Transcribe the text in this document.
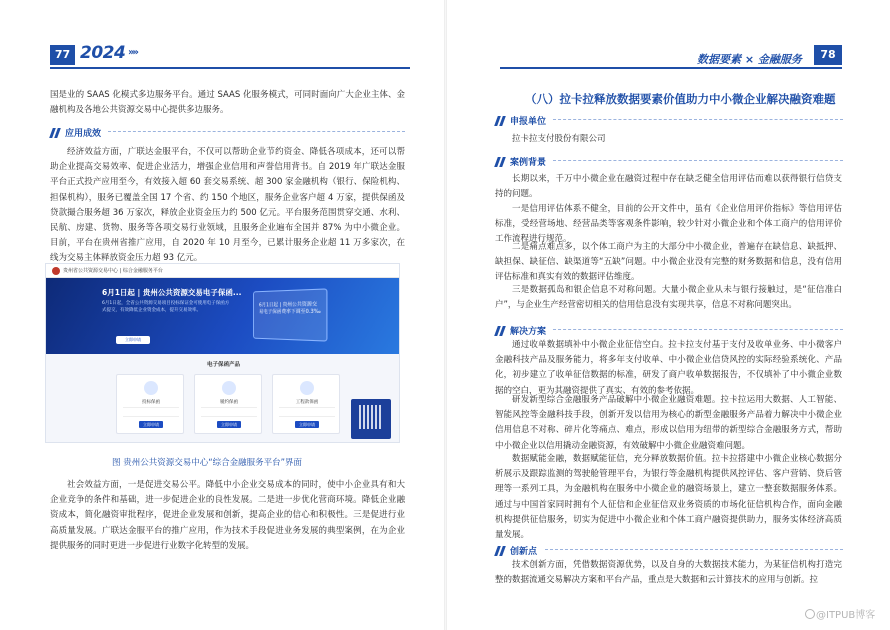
77 2024 »»
数据要素 × 金融服务	78
国是业的 SAAS 化模式多边服务平台。通过 SAAS 化服务模式，可同时面向广大企业主体、金融机构及各地公共资源交易中心提供多边服务。
应用成效
经济效益方面，广联达金服平台，不仅可以帮助企业节约资金、降低各项成本，还可以帮助企业提高交易效率、促进企业活力，增强企业信用和声誉信用背书。自 2019 年广联达金服平台正式投产应用至今，有效接入超 60 套交易系统、超 300 家金融机构（银行、保险机构、担保机构），服务已覆盖全国 17 个省、约 150 个地区，服务企业客户超 4 万家，提供保函及贷款撮合服务超 36 万家次，释放企业资金压力约 500 亿元。平台服务范围贯穿交通、水利、民航、房建、货物、服务等各项交易行业领域，且服务企业遍布全国并 87% 为中小微企业。目前，平台在贵州省推广应用，自 2020 年 10 月至今，已累计服务企业超 11 万多家次，在线为交易主体释放资金压力超 93 亿元。
贵州省公共资源交易中心 | 综合金融服务平台
6月1日起 | 贵州公共资源交易电子保函...
6月1日起，全省公共资源交易项目投标保证金可使用电子保函方式提交，有效降低企业资金成本，提升交易效率。
立即申请
6月1日起 | 贵州公共资源交易电子保函费率下调至0.3‰
电子保函产品
投标保函
立即申请
履约保函
立即申请
工程款保函
立即申请
图 贵州公共资源交易中心“综合金融服务平台”界面
社会效益方面，一是促进交易公平。降低中小企业交易成本的同时，使中小企业具有和大企业竞争的条件和基础，进一步促进企业的良性发展。二是进一步优化营商环境。降低企业融资成本，简化融资审批程序，促进企业发展和创新，提高企业的信心和积极性。三是促进行业高质量发展。广联达金服平台的推广应用，作为技术手段促进业务发展的典型案例，在为企业提供服务的同时更进一步促进行业数字化转型的发展。
（八）拉卡拉释放数据要素价值助力中小微企业解决融资难题
申报单位
拉卡拉支付股份有限公司
案例背景
长期以来，千万中小微企业在融资过程中存在缺乏健全信用评估而难以获得银行信贷支持的问题。
一是信用评估体系不健全，目前的公开文件中，虽有《企业信用评价指标》等信用评估标准，受经营场地、经营品类等客观条件影响，较少针对小微企业和个体工商户的信用评价工作流程进行规范。
二是痛点难点多，以个体工商户为主的大部分中小微企业，普遍存在缺信息、缺抵押、缺担保、缺征信、缺渠道等“五缺”问题。中小微企业没有完整的财务数据和信息，没有信用评估标准和真实有效的数据评估维度。
三是数据孤岛和银企信息不对称问题。大量小微企业从未与银行接触过，是“征信准白户”，与企业生产经营密切相关的信用信息没有实现共享，信息不对称问题突出。
解决方案
通过收单数据填补中小微企业征信空白。拉卡拉支付基于支付及收单业务、中小微客户金融科技产品及服务能力，将多年支付收单、中小微企业信贷风控的实际经验系统化、产品化，初步建立了收单征信数据的标准，研发了商户收单数据报告，不仅填补了中小微企业数据的空白，更为其融资提供了真实、有效的参考依据。
研发新型综合金融服务产品破解中小微企业融资难题。拉卡拉运用大数据、人工智能、智能风控等金融科技手段，创新开发以信用为核心的新型金融服务产品着力解决中小微企业信用信息不对称、碎片化等痛点、难点，形成以信用为纽带的新型综合金融服务方式，帮助中小微企业以信用撬动金融资源，有效破解中小微企业融资难问题。
数据赋能金融，数据赋能征信，充分释放数据价值。拉卡拉搭建中小微企业核心数据分析展示及跟踪监测的驾驶舱管理平台，为银行等金融机构提供风控评估、客户营销、贷后管理等一系列工具，为金融机构在服务中小微企业的融资场景上，建立一整套数据服务体系。通过与中国首家同时拥有个人征信和企业征信双业务资质的市场化征信机构合作，面向金融机构提供征信服务，切实为促进中小微企业和个体工商户融资提供助力，服务实体经济高质量发展。
创新点
技术创新方面，凭借数据资源优势，以及自身的大数据技术能力，为某征信机构打造完整的数据流通交易解决方案和平台产品，重点是大数据和云计算技术的应用与创新。拉
@ITPUB博客
